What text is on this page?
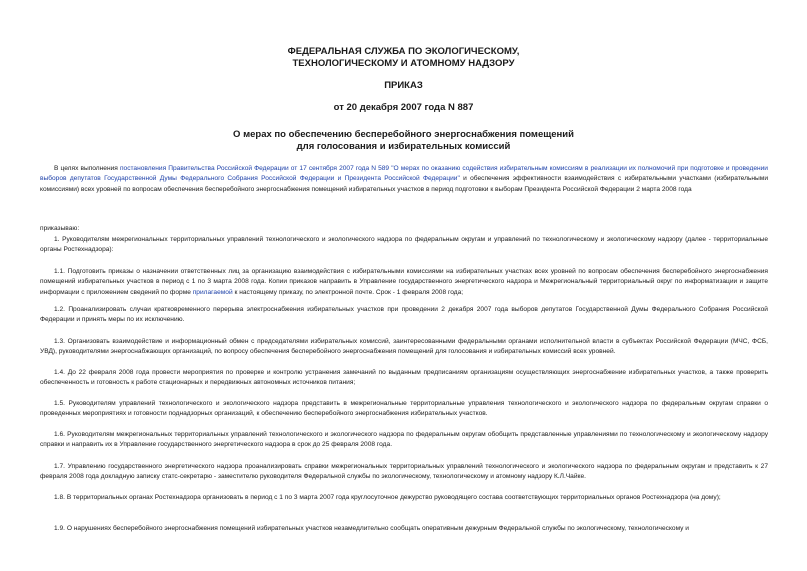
ФЕДЕРАЛЬНАЯ СЛУЖБА ПО ЭКОЛОГИЧЕСКОМУ,
ТЕХНОЛОГИЧЕСКОМУ И АТОМНОМУ НАДЗОРУ
ПРИКАЗ
от 20 декабря 2007 года N 887
О мерах по обеспечению бесперебойного энергоснабжения помещений
для голосования и избирательных комиссий

В целях выполнения постановления Правительства Российской Федерации от 17 сентября 2007 года N 589 "О мерах по оказанию содействия избирательным комиссиям в реализации их полномочий при подготовке и проведении выборов депутатов Государственной Думы Федерального Собрания Российской Федерации и Президента Российской Федерации" и обеспечения эффективности взаимодействия с избирательными участками (избирательными комиссиями) всех уровней по вопросам обеспечения бесперебойного энергоснабжения помещений избирательных участков в период подготовки к выборам Президента Российской Федерации 2 марта 2008 года

приказываю:

1. Руководителям межрегиональных территориальных управлений технологического и экологического надзора по федеральным округам и управлений по технологическому и экологическому надзору (далее - территориальные органы Ростехнадзора):

1.1. Подготовить приказы о назначении ответственных лиц за организацию взаимодействия с избирательными комиссиями на избирательных участках всех уровней по вопросам обеспечения бесперебойного энергоснабжения помещений избирательных участков в период с 1 по 3 марта 2008 года. Копии приказов направить в Управление государственного энергетического надзора и Межрегиональный территориальный округ по информатизации и защите информации с приложением сведений по форме прилагаемой к настоящему приказу, по электронной почте. Срок - 1 февраля 2008 года;

1.2. Проанализировать случаи кратковременного перерыва электроснабжения избирательных участков при проведении 2 декабря 2007 года выборов депутатов Государственной Думы Федерального Собрания Российской Федерации и принять меры по их исключению.

1.3. Организовать взаимодействие и информационный обмен с председателями избирательных комиссий, заинтересованными федеральными органами исполнительной власти в субъектах Российской Федерации (МЧС, ФСБ, УВД), руководителями энергоснабжающих организаций, по вопросу обеспечения бесперебойного энергоснабжения помещений для голосования и избирательных комиссий всех уровней.

1.4. До 22 февраля 2008 года провести мероприятия по проверке и контролю устранения замечаний по выданным предписаниям организациям осуществляющих энергоснабжение избирательных участков, а также проверить обеспеченность и готовность к работе стационарных и передвижных автономных источников питания;

1.5. Руководителям управлений технологического и экологического надзора представить в межрегиональные территориальные управления технологического и экологического надзора по федеральным округам справки о проведенных мероприятиях и готовности поднадзорных организаций, к обеспечению бесперебойного энергоснабжения избирательных участков.

1.6. Руководителям межрегиональных территориальных управлений технологического и экологического надзора по федеральным округам обобщить представленные управлениями по технологическому и экологическому надзору справки и направить их в Управление государственного энергетического надзора в срок до 25 февраля 2008 года.

1.7. Управлению государственного энергетического надзора проанализировать справки межрегиональных территориальных управлений технологического и экологического надзора по федеральным округам и представить к 27 февраля 2008 года докладную записку статс-секретарю - заместителю руководителя Федеральной службы по экологическому, технологическому и атомному надзору К.Л.Чайке.

1.8. В территориальных органах Ростехнадзора организовать в период с 1 по 3 марта 2007 года круглосуточное дежурство руководящего состава соответствующих территориальных органов Ростехнадзора (на дому);

1.9. О нарушениях бесперебойного энергоснабжения помещений избирательных участков незамедлительно сообщать оперативным дежурным Федеральной службы по экологическому, технологическому и
